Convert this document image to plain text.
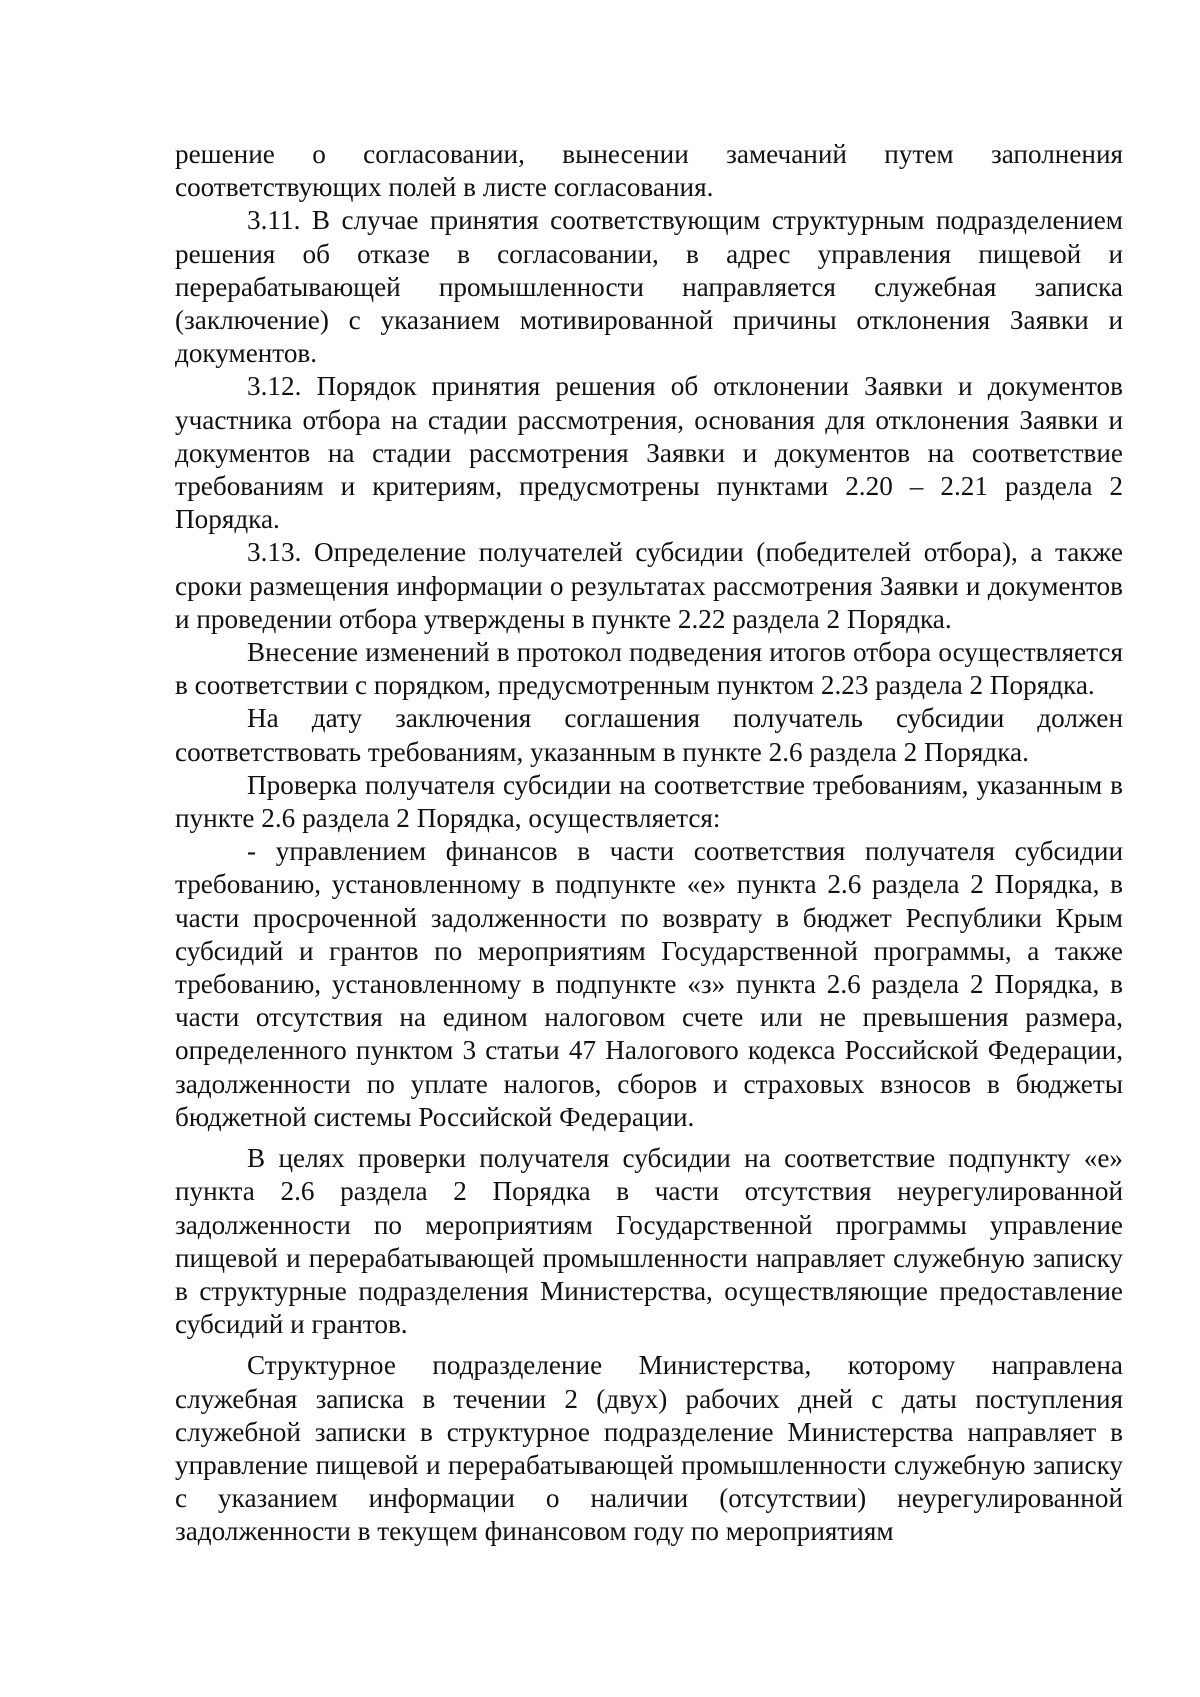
решение о согласовании, вынесении замечаний путем заполнения соответствующих полей в листе согласования.

3.11. В случае принятия соответствующим структурным подразделением решения об отказе в согласовании, в адрес управления пищевой и перерабатывающей промышленности направляется служебная записка (заключение) с указанием мотивированной причины отклонения Заявки и документов.

3.12. Порядок принятия решения об отклонении Заявки и документов участника отбора на стадии рассмотрения, основания для отклонения Заявки и документов на стадии рассмотрения Заявки и документов на соответствие требованиям и критериям, предусмотрены пунктами 2.20 – 2.21 раздела 2 Порядка.

3.13. Определение получателей субсидии (победителей отбора), а также сроки размещения информации о результатах рассмотрения Заявки и документов и проведении отбора утверждены в пункте 2.22 раздела 2 Порядка.

Внесение изменений в протокол подведения итогов отбора осуществляется в соответствии с порядком, предусмотренным пунктом 2.23 раздела 2 Порядка.

На дату заключения соглашения получатель субсидии должен соответствовать требованиям, указанным в пункте 2.6 раздела 2 Порядка.

Проверка получателя субсидии на соответствие требованиям, указанным в пункте 2.6 раздела 2 Порядка, осуществляется:

- управлением финансов в части соответствия получателя субсидии требованию, установленному в подпункте «е» пункта 2.6 раздела 2 Порядка, в части просроченной задолженности по возврату в бюджет Республики Крым субсидий и грантов по мероприятиям Государственной программы, а также требованию, установленному в подпункте «з» пункта 2.6 раздела 2 Порядка, в части отсутствия на едином налоговом счете или не превышения размера, определенного пунктом 3 статьи 47 Налогового кодекса Российской Федерации, задолженности по уплате налогов, сборов и страховых взносов в бюджеты бюджетной системы Российской Федерации.

В целях проверки получателя субсидии на соответствие подпункту «е» пункта 2.6 раздела 2 Порядка в части отсутствия неурегулированной задолженности по мероприятиям Государственной программы управление пищевой и перерабатывающей промышленности направляет служебную записку в структурные подразделения Министерства, осуществляющие предоставление субсидий и грантов.

Структурное подразделение Министерства, которому направлена служебная записка в течении 2 (двух) рабочих дней с даты поступления служебной записки в структурное подразделение Министерства направляет в управление пищевой и перерабатывающей промышленности служебную записку с указанием информации о наличии (отсутствии) неурегулированной задолженности в текущем финансовом году по мероприятиям
